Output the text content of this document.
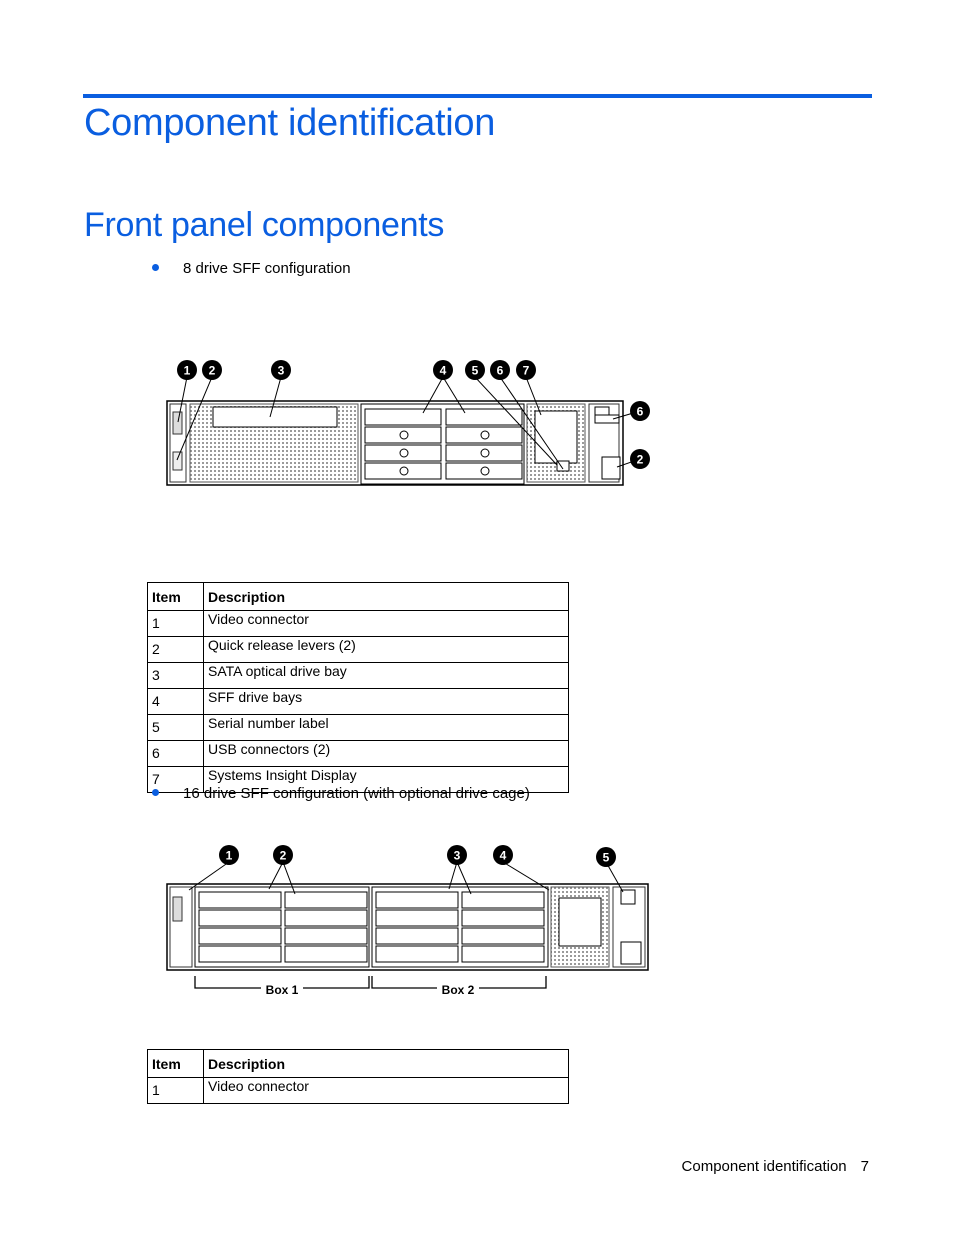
Component identification
Front panel components
8 drive SFF configuration
1 2	3	4 5 6 7
6
2
Item	Description
1	Video connector
2	Quick release levers (2)
3	SATA optical drive bay
4	SFF drive bays
5	Serial number label
6	USB connectors (2)
7	Systems Insight Display
16 drive SFF configuration (with optional drive cage)
1	2	3	4	5
Box 1	Box 2
Item	Description
1	Video connector
Component identification 7
